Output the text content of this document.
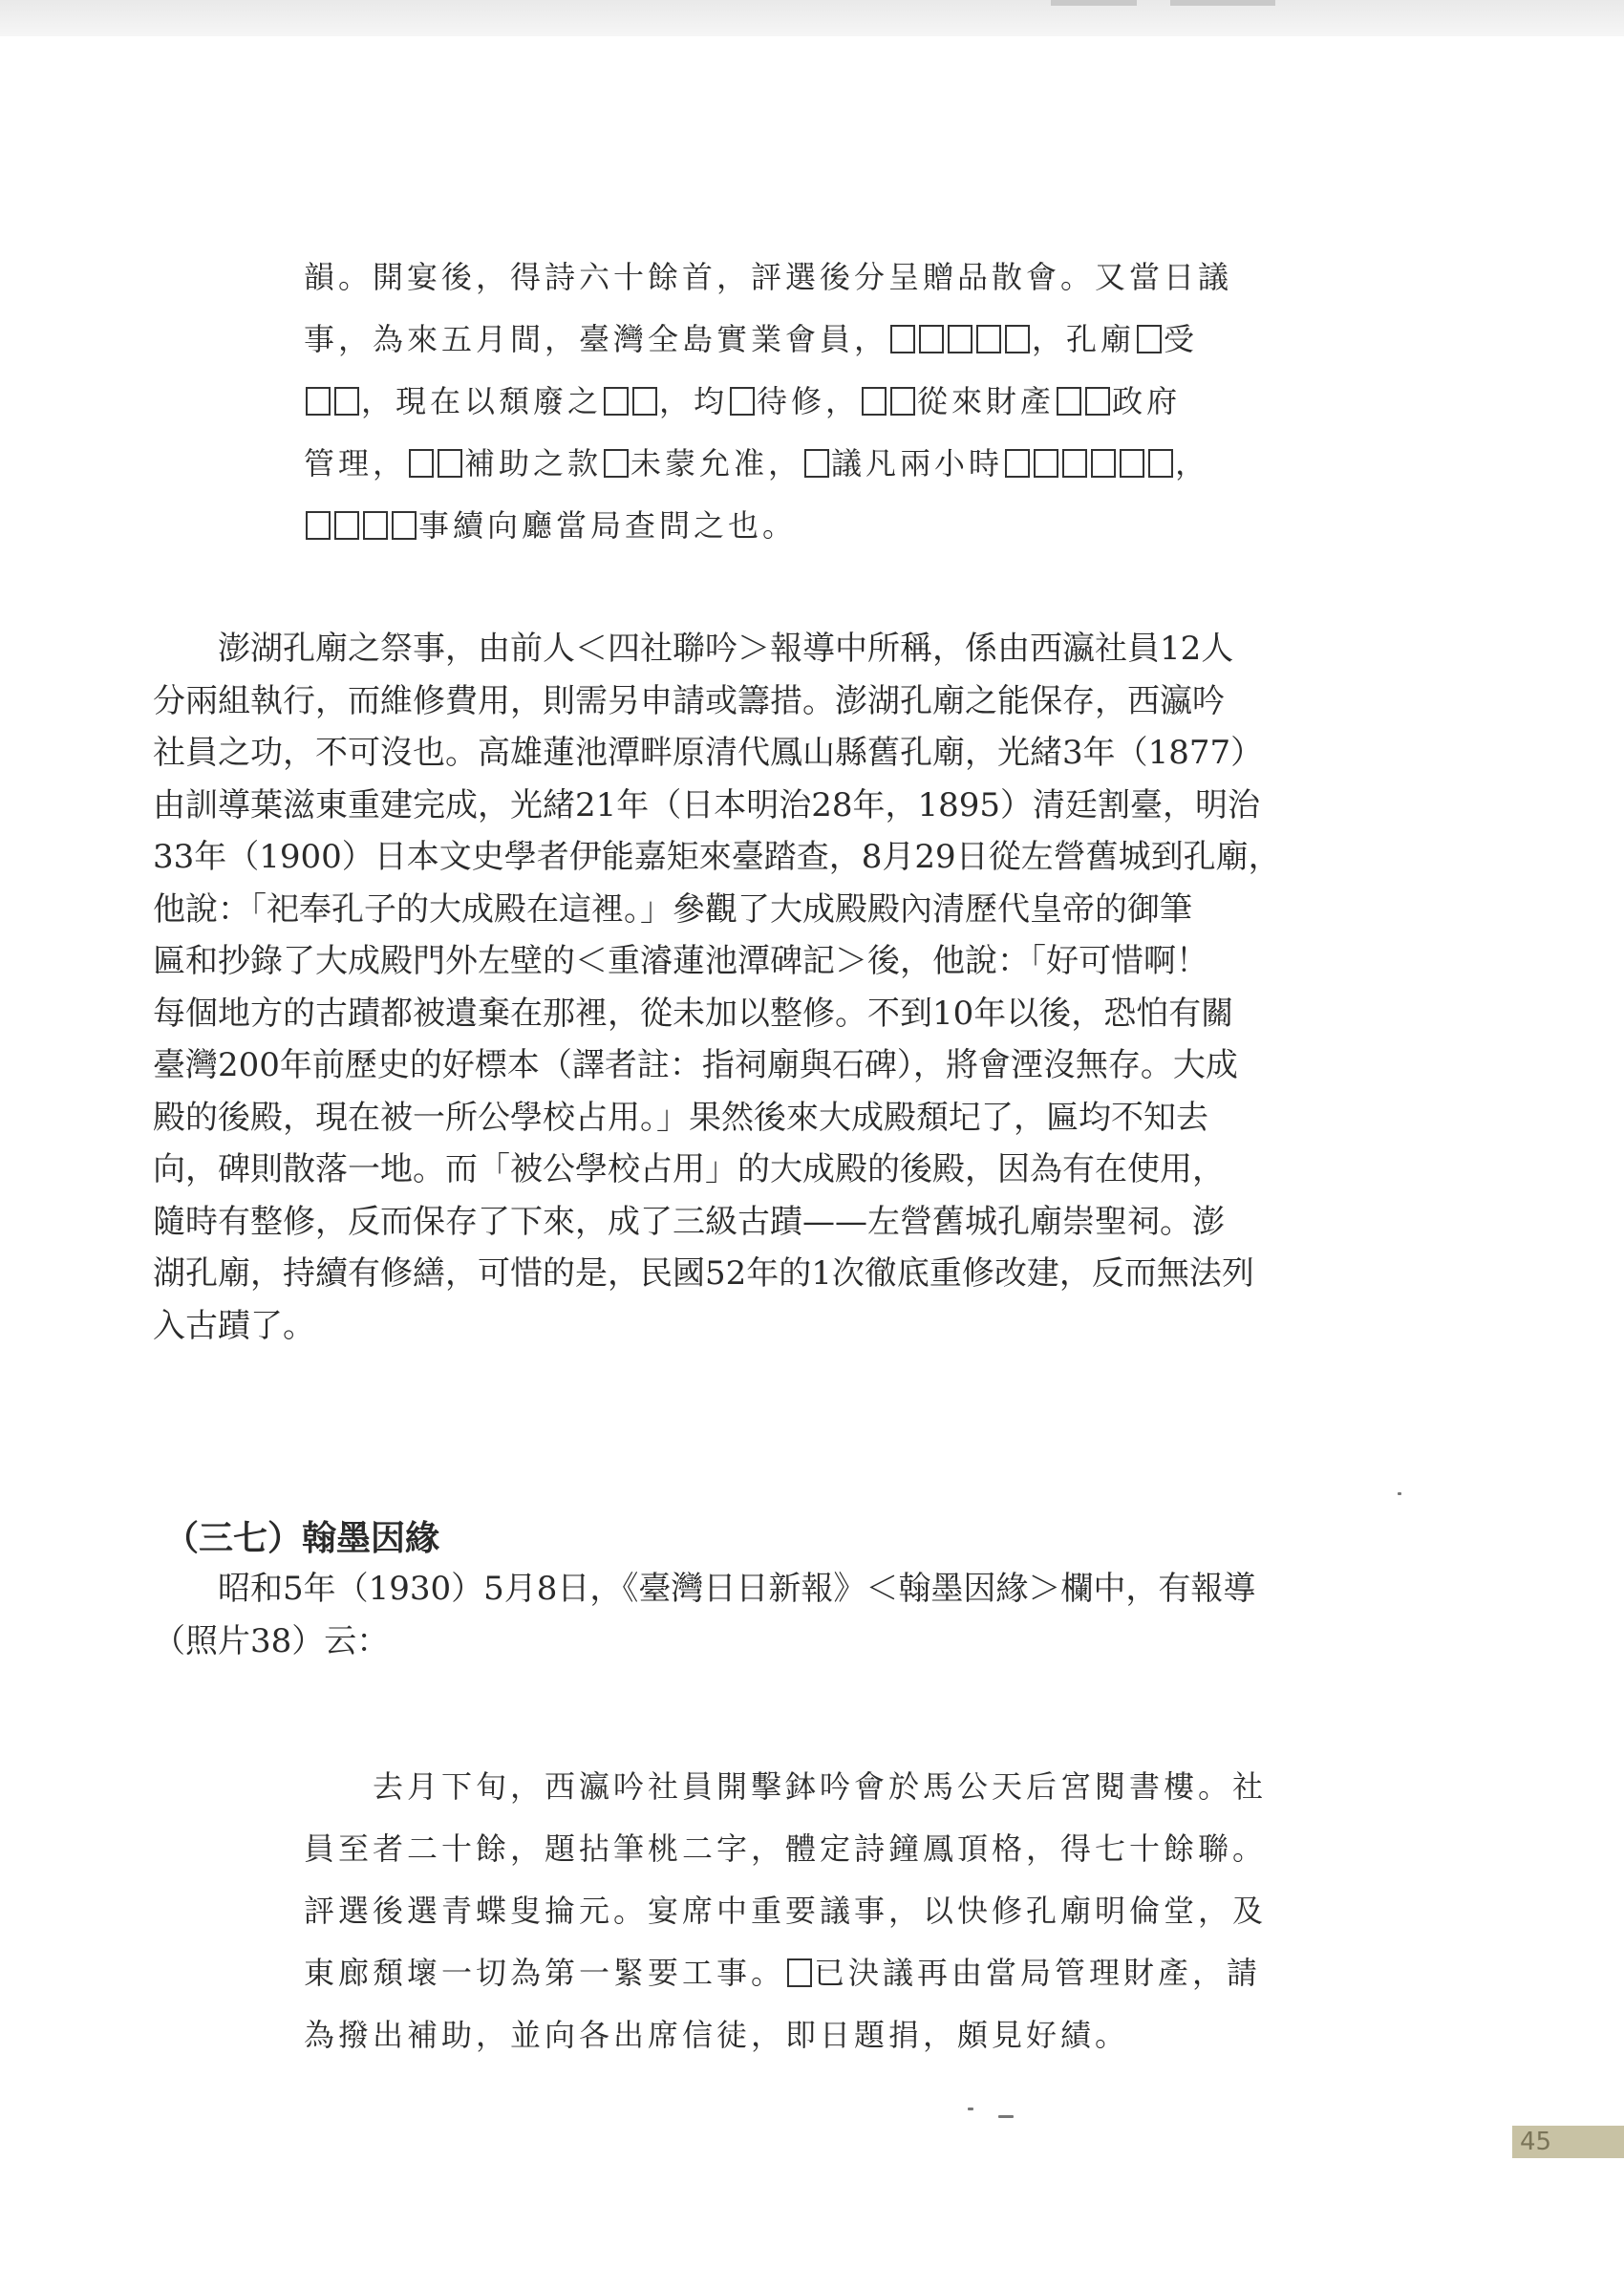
韻。開宴後，得詩六十餘首，評選後分呈贈品散會。又當日議

事，為來五月間，臺灣全島實業會員，	，孔廟 受

，現在以頹廢之 ，均 待修， 從來財產 政府

管理， 補助之款 未蒙允准， 議凡兩小時	，

事續向廳當局查問之也。

　　澎湖孔廟之祭事，由前人＜四社聯吟＞報導中所稱，係由西瀛社員12人

分兩組執行，而維修費用，則需另申請或籌措。澎湖孔廟之能保存，西瀛吟

社員之功，不可沒也。高雄蓮池潭畔原清代鳳山縣舊孔廟，光緒3年（1877）

由訓導葉滋東重建完成，光緒21年（日本明治28年，1895）清廷割臺，明治

33年（1900）日本文史學者伊能嘉矩來臺踏查，8月29日從左營舊城到孔廟，

他說：「祀奉孔子的大成殿在這裡。」參觀了大成殿殿內清歷代皇帝的御筆

匾和抄錄了大成殿門外左壁的＜重濬蓮池潭碑記＞後，他說：「好可惜啊！

每個地方的古蹟都被遺棄在那裡，從未加以整修。不到10年以後，恐怕有關

臺灣200年前歷史的好標本（譯者註：指祠廟與石碑），將會湮沒無存。大成

殿的後殿，現在被一所公學校占用。」果然後來大成殿頹圮了，匾均不知去

向，碑則散落一地。而「被公學校占用」的大成殿的後殿，因為有在使用，

隨時有整修，反而保存了下來，成了三級古蹟——左營舊城孔廟崇聖祠。澎

湖孔廟，持續有修繕，可惜的是，民國52年的1次徹底重修改建，反而無法列

入古蹟了。

（三七）翰墨因緣

　　昭和5年（1930）5月8日，《臺灣日日新報》＜翰墨因緣＞欄中，有報導

（照片38）云：

　　去月下旬，西瀛吟社員開擊鉢吟會於馬公天后宮閱書樓。社

員至者二十餘，題拈筆桃二字，體定詩鐘鳳頂格，得七十餘聯。

評選後選青蝶叟掄元。宴席中重要議事，以快修孔廟明倫堂，及

東廊頹壞一切為第一緊要工事。 已決議再由當局管理財產，請

為撥出補助，並向各出席信徒，即日題捐，頗見好績。

45
